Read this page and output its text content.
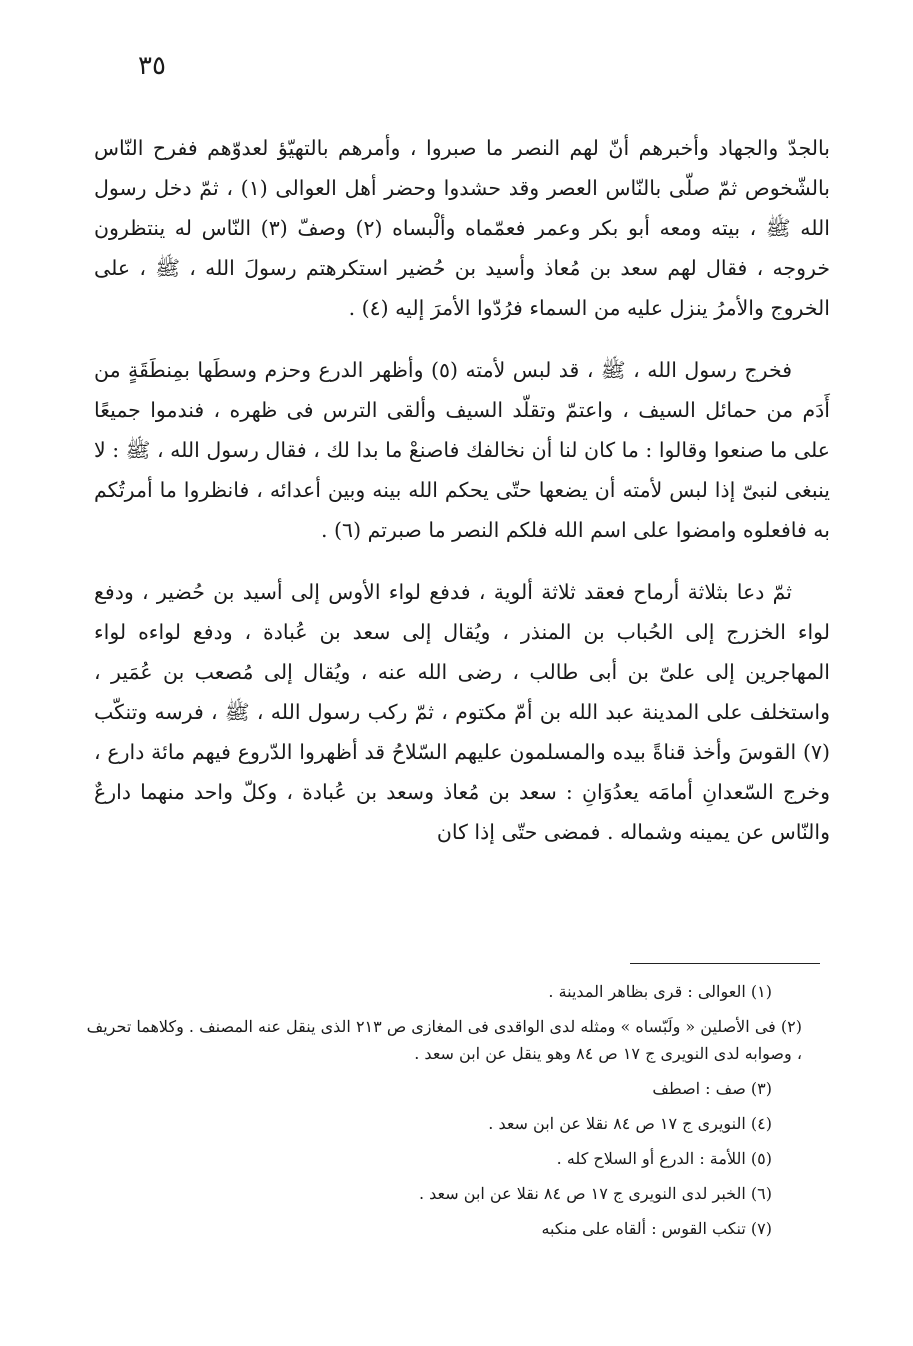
٣٥

بالجدّ والجهاد وأخبرهم أنّ لهم النصر ما صبروا ، وأمرهم بالتهيّؤ لعدوّهم ففرح النّاس بالشّخوص ثمّ صلّى بالنّاس العصر وقد حشدوا وحضر أهل العوالى (١) ، ثمّ دخل رسول الله ﷺ ، بيته ومعه أبو بكر وعمر فعمّماه وألْبساه (٢) وصفّ (٣) النّاس له ينتظرون خروجه ، فقال لهم سعد بن مُعاذ وأسيد بن حُضير استكرهتم رسولَ الله ، ﷺ ، على الخروج والأمرُ ينزل عليه من السماء فرُدّوا الأمرَ إليه (٤) .

فخرج رسول الله ، ﷺ ، قد لبس لأمته (٥) وأظهر الدرع وحزم وسطَها بمِنطَقَةٍ من أَدَم من حمائل السيف ، واعتمّ وتقلّد السيف وألقى الترس فى ظهره ، فندموا جميعًا على ما صنعوا وقالوا : ما كان لنا أن نخالفك فاصنعْ ما بدا لك ، فقال رسول الله ، ﷺ : لا ينبغى لنبىّ إذا لبس لأمته أن يضعها حتّى يحكم الله بينه وبين أعدائه ، فانظروا ما أمرتُكم به فافعلوه وامضوا على اسم الله فلكم النصر ما صبرتم (٦) .

ثمّ دعا بثلاثة أرماح فعقد ثلاثة ألوية ، فدفع لواء الأوس إلى أسيد بن حُضير ، ودفع لواء الخزرج إلى الحُباب بن المنذر ، ويُقال إلى سعد بن عُبادة ، ودفع لواءه لواء المهاجرين إلى علىّ بن أبى طالب ، رضى الله عنه ، ويُقال إلى مُصعب بن عُمَير ، واستخلف على المدينة عبد الله بن أمّ مكتوم ، ثمّ ركب رسول الله ، ﷺ ، فرسه وتنكّب (٧) القوسَ وأخذ قناةً بيده والمسلمون عليهم السّلاحُ قد أظهروا الدّروع فيهم مائة دارع ، وخرج السّعدانِ أمامَه يعدُوَانِ : سعد بن مُعاذ وسعد بن عُبادة ، وكلّ واحد منهما دارعٌ والنّاس عن يمينه وشماله . فمضى حتّى إذا كان

(١) العوالى : قرى بظاهر المدينة .
(٢) فى الأصلين « ولَبّساه » ومثله لدى الواقدى فى المغازى ص ٢١٣ الذى ينقل عنه المصنف . وكلاهما تحريف ، وصوابه لدى النويرى ج ١٧ ص ٨٤ وهو ينقل عن ابن سعد .
(٣) صف : اصطف
(٤) النويرى ج ١٧ ص ٨٤ نقلا عن ابن سعد .
(٥) اللأمة : الدرع أو السلاح كله .
(٦) الخبر لدى النويرى ج ١٧ ص ٨٤ نقلا عن ابن سعد .
(٧) تنكب القوس : ألقاه على منكبه
